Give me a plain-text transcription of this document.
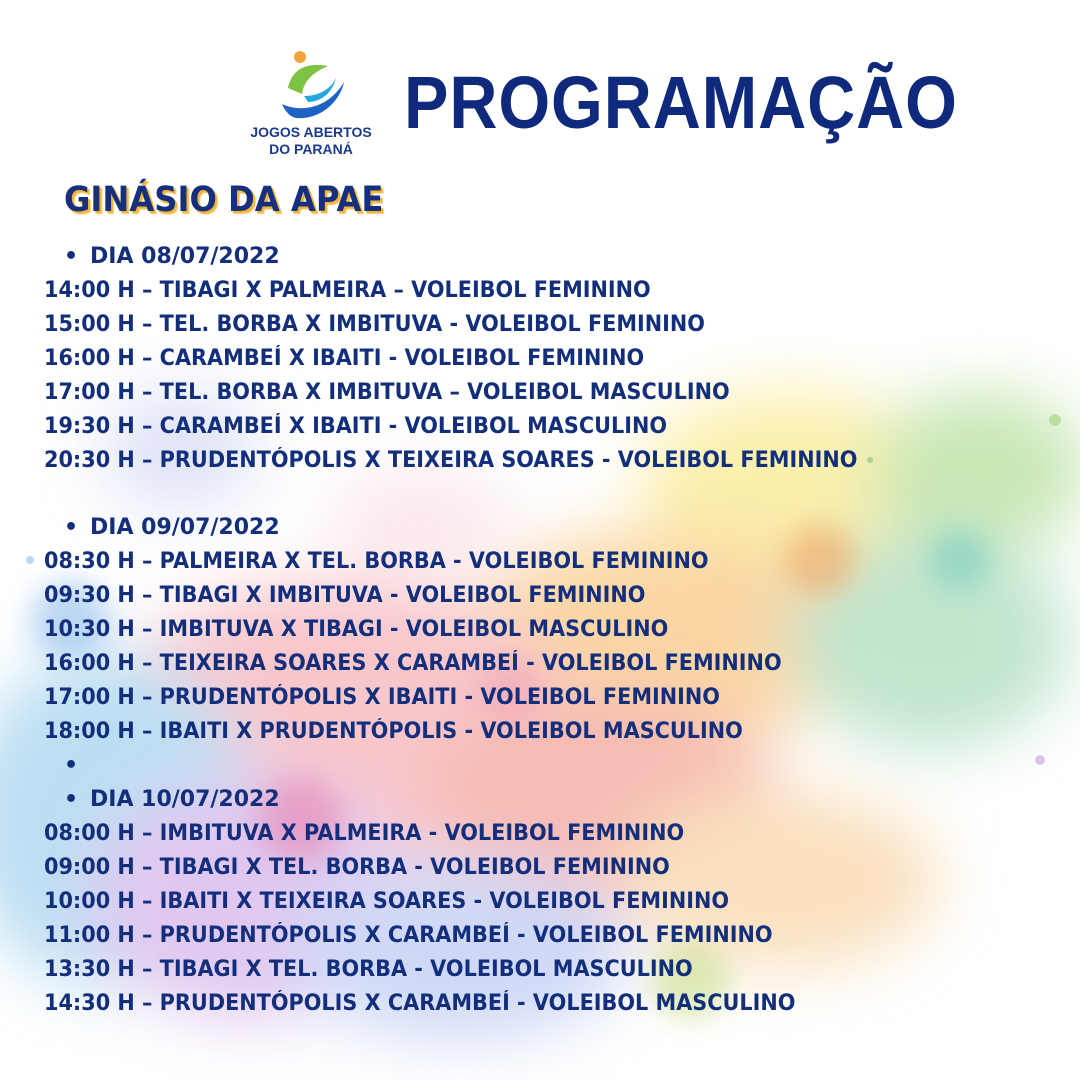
JOGOS ABERTOS
DO PARANÁ
PROGRAMAÇÃO
GINÁSIO DA APAE
• DIA 08/07/2022
14:00 H – TIBAGI X PALMEIRA – VOLEIBOL FEMININO
15:00 H – TEL. BORBA X IMBITUVA - VOLEIBOL FEMININO
16:00 H – CARAMBEÍ X IBAITI - VOLEIBOL FEMININO
17:00 H – TEL. BORBA X IMBITUVA – VOLEIBOL MASCULINO
19:30 H – CARAMBEÍ X IBAITI - VOLEIBOL MASCULINO
20:30 H – PRUDENTÓPOLIS X TEIXEIRA SOARES - VOLEIBOL FEMININO
• DIA 09/07/2022
08:30 H – PALMEIRA X TEL. BORBA - VOLEIBOL FEMININO
09:30 H – TIBAGI X IMBITUVA - VOLEIBOL FEMININO
10:30 H – IMBITUVA X TIBAGI - VOLEIBOL MASCULINO
16:00 H – TEIXEIRA SOARES X CARAMBEÍ - VOLEIBOL FEMININO
17:00 H – PRUDENTÓPOLIS X IBAITI - VOLEIBOL FEMININO
18:00 H – IBAITI X PRUDENTÓPOLIS - VOLEIBOL MASCULINO
•
• DIA 10/07/2022
08:00 H – IMBITUVA X PALMEIRA - VOLEIBOL FEMININO
09:00 H – TIBAGI X TEL. BORBA - VOLEIBOL FEMININO
10:00 H – IBAITI X TEIXEIRA SOARES - VOLEIBOL FEMININO
11:00 H – PRUDENTÓPOLIS X CARAMBEÍ - VOLEIBOL FEMININO
13:30 H – TIBAGI X TEL. BORBA - VOLEIBOL MASCULINO
14:30 H – PRUDENTÓPOLIS X CARAMBEÍ - VOLEIBOL MASCULINO
